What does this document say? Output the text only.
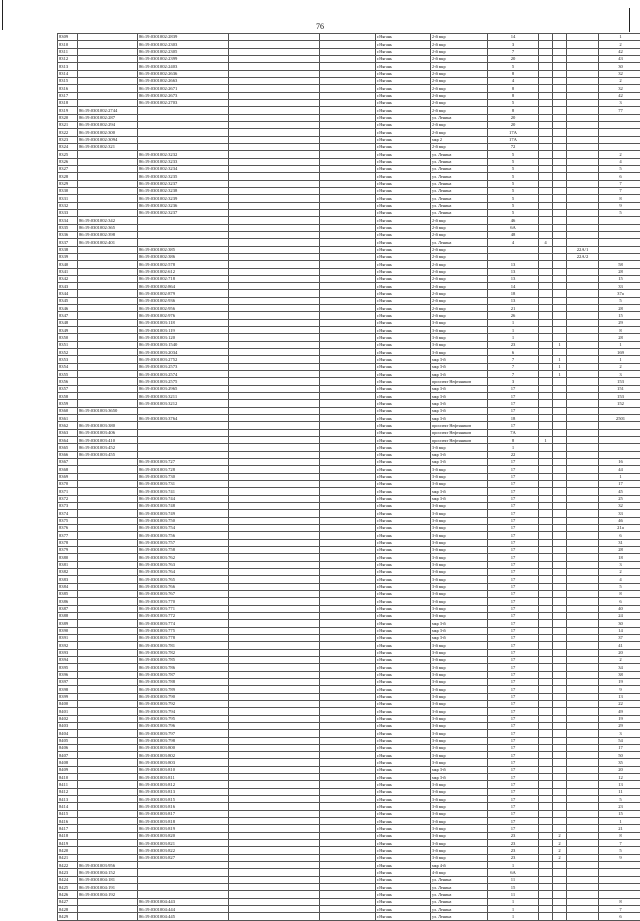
76
8309		86:19:0301002:2839			г.Нягань	2-й мкр	14				1
8310		86:19:0301002:2303			г.Нягань	2-й мкр	3				2
8311		86:19:0301002:2305			г.Нягань	2-й мкр	7				42
8312		86:19:0301002:2399			г.Нягань	2-й мкр	20				43
8313		86:19:0301002:2403			г.Нягань	2-й мкр	5				30
8314		86:19:0301002:2636			г.Нягань	2-й мкр	8				32
8315		86:19:0301002:2663			г.Нягань	2-й мкр	4				2
8316		86:19:0301002:2671			г.Нягань	2-й мкр	8				32
8317		86:19:0301002:2673			г.Нягань	2-й мкр	8				42
8318		86:19:0301002:2703			г.Нягань	2-й мкр	5				3
8319	86:19:0301002:2744				г.Нягань	2-й мкр	8				77
8320	86:19:0301002:287				г.Нягань	ул. Ленина	20				
8321	86:19:0301002:294				г.Нягань	2-й мкр	20				
8322	86:19:0301002:300				г.Нягань	2-й мкр	17А				
8323	86:19:0301002:3094				г.Нягань	мкр 2	17А				
8324	86:19:0301002:321				г.Нягань	2-й мкр	72				
8325		86:19:0301002:3232			г.Нягань	ул. Ленина	5				2
8326		86:19:0301002:3233			г.Нягань	ул. Ленина	5				4
8327		86:19:0301002:3234			г.Нягань	ул. Ленина	5				5
8328		86:19:0301002:3235			г.Нягань	ул. Ленина	5				6
8329		86:19:0301002:3237			г.Нягань	ул. Ленина	5				7
8330		86:19:0301002:3238			г.Нягань	ул. Ленина	5				7
8331		86:19:0301002:3239			г.Нягань	ул. Ленина	5				8
8332		86:19:0301002:3236			г.Нягань	ул. Ленина	5				9
8333		86:19:0301002:3237			г.Нягань	ул. Ленина	5				5
8334	86:19:0301002:342				г.Нягань	2-й мкр	46				
8335	86:19:0301002:365				г.Нягань	2-й мкр	6А				
8336	86:19:0301002:398				г.Нягань	2-й мкр	48				
8337	86:19:0301002:401				г.Нягань	ул. Ленина	4	4			
8338		86:19:0301002:385			г.Нягань	2-й мкр				22А/1	
8339		86:19:0301002:386			г.Нягань	2-й мкр				22А/2	
8340		86:19:0301002:578			г.Нягань	2-й мкр	13				58
8341		86:19:0301002:612			г.Нягань	2-й мкр	13				28
8342		86:19:0301002:718			г.Нягань	2-й мкр	13				15
8343		86:19:0301002:864			г.Нягань	2-й мкр	14				33
8344		86:19:0301002:879			г.Нягань	2-й мкр	18				37а
8345		86:19:0301002:936			г.Нягань	2-й мкр	13				5
8346		86:19:0301002:956			г.Нягань	2-й мкр	21				28
8347		86:19:0301002:976			г.Нягань	2-й мкр	26				15
8348		86:19:0301003:118			г.Нягань	3-й мкр	1				29
8349		86:19:0301003:119			г.Нягань	3-й мкр	1				8
8350		86:19:0301003:120			г.Нягань	3-й мкр	1				28
8351		86:19:0301003:1540			г.Нягань	3-й мкр	23		1		1
8352		86:19:0301003:2034			г.Нягань	3-й мкр	6				169
8353		86:19:0301003:2752			г.Нягань	мкр 3-й	7		1		1
8354		86:19:0301003:2573			г.Нягань	мкр 3-й	7		1		2
8355		86:19:0301003:2574			г.Нягань	мкр 3-й	7		1		3
8356		86:19:0301003:2575			г.Нягань	проспект Нефтяников	3				153
8357		86:19:0301003:2965			г.Нягань	мкр 3-й	17				151
8358		86:19:0301003:3211			г.Нягань	мкр 3-й	17				153
8359		86:19:0301003:3212			г.Нягань	мкр 3-й	17				152
8360	86:19:0301003:3650				г.Нягань	мкр 3-й	17				
8361		86:19:0301003:3764			г.Нягань	мкр 3-й	18				2501
8362	86:19:0301003:380				г.Нягань	проспект Нефтяников	17				
8363	86:19:0301003:406				г.Нягань	проспект Нефтяников	7А				
8364	86:19:0301003:410				г.Нягань	проспект Нефтяников	8	1			
8365	86:19:0301003:452				г.Нягань	3-й мкр	1				
8366	86:19:0301003:455				г.Нягань	мкр 3-й	22				
8367		86:19:0301003:727			г.Нягань	мкр 3-й	17				16
8368		86:19:0301003:728			г.Нягань	3-й мкр	17				44
8369		86:19:0301003:730			г.Нягань	3-й мкр	17				1
8370		86:19:0301003:731			г.Нягань	3-й мкр	17				17
8371		86:19:0301003:741			г.Нягань	мкр 3-й	17				45
8372		86:19:0301003:744			г.Нягань	мкр 3-й	17				25
8373		86:19:0301003:748			г.Нягань	3-й мкр	17				32
8374		86:19:0301003:749			г.Нягань	3-й мкр	17				33
8375		86:19:0301003:750			г.Нягань	3-й мкр	17				46
8376		86:19:0301003:754			г.Нягань	3-й мкр	17				21а
8377		86:19:0301003:756			г.Нягань	3-й мкр	17				6
8378		86:19:0301003:757			г.Нягань	3-й мкр	17				31
8379		86:19:0301003:758			г.Нягань	3-й мкр	17				28
8380		86:19:0301003:762			г.Нягань	3-й мкр	17				18
8381		86:19:0301003:763			г.Нягань	3-й мкр	17				3
8382		86:19:0301003:764			г.Нягань	3-й мкр	17				2
8383		86:19:0301003:765			г.Нягань	3-й мкр	17				4
8384		86:19:0301003:766			г.Нягань	3-й мкр	17				5
8385		86:19:0301003:767			г.Нягань	3-й мкр	17				8
8386		86:19:0301003:770			г.Нягань	3-й мкр	17				6
8387		86:19:0301003:771			г.Нягань	3-й мкр	17				40
8388		86:19:0301003:772			г.Нягань	3-й мкр	17				24
8389		86:19:0301003:774			г.Нягань	мкр 3-й	17				30
8390		86:19:0301003:775			г.Нягань	мкр 3-й	17				14
8391		86:19:0301003:778			г.Нягань	мкр 3-й	17				37
8392		86:19:0301003:781			г.Нягань	3-й мкр	17				41
8393		86:19:0301003:782			г.Нягань	3-й мкр	17				20
8394		86:19:0301003:785			г.Нягань	3-й мкр	17				2
8395		86:19:0301003:786			г.Нягань	3-й мкр	17				34
8396		86:19:0301003:787			г.Нягань	3-й мкр	17				38
8397		86:19:0301003:788			г.Нягань	3-й мкр	17				19
8398		86:19:0301003:789			г.Нягань	3-й мкр	17				9
8399		86:19:0301003:790			г.Нягань	3-й мкр	17				13
8400		86:19:0301003:792			г.Нягань	3-й мкр	17				22
8401		86:19:0301003:794			г.Нягань	3-й мкр	17				49
8402		86:19:0301003:795			г.Нягань	3-й мкр	17				19
8403		86:19:0301003:796			г.Нягань	3-й мкр	17				29
8404		86:19:0301003:797			г.Нягань	3-й мкр	17				3
8405		86:19:0301003:798			г.Нягань	3-й мкр	17				54
8406		86:19:0301003:800			г.Нягань	3-й мкр	17				17
8407		86:19:0301003:802			г.Нягань	3-й мкр	17				50
8408		86:19:0301003:803			г.Нягань	3-й мкр	17				35
8409		86:19:0301003:810			г.Нягань	мкр 3-й	17				20
8410		86:19:0301003:811			г.Нягань	мкр 3-й	17				12
8411		86:19:0301003:812			г.Нягань	3-й мкр	17				13
8412		86:19:0301003:813			г.Нягань	3-й мкр	17				11
8413		86:19:0301003:815			г.Нягань	3-й мкр	17				5
8414		86:19:0301003:816			г.Нягань	3-й мкр	17				23
8415		86:19:0301003:817			г.Нягань	3-й мкр	17				15
8416		86:19:0301003:818			г.Нягань	3-й мкр	17				1
8417		86:19:0301003:819			г.Нягань	3-й мкр	17				21
8418		86:19:0301003:820			г.Нягань	3-й мкр	23		2		8
8419		86:19:0301003:821			г.Нягань	3-й мкр	23		2		7
8420		86:19:0301003:822			г.Нягань	3-й мкр	23		2		5
8421		86:19:0301003:827			г.Нягань	3-й мкр	23		2		9
8422	86:19:0301003:956				г.Нягань	мкр 4-й	1				
8423	86:19:0301004:152				г.Нягань	4-й мкр	6А				
8424	86:19:0301004:181				г.Нягань	ул. Ленина	11				
8425	86:19:0301004:191				г.Нягань	ул. Ленина	15				
8426	86:19:0301004:192				г.Нягань	ул. Ленина	11				
8427		86:19:0301004:443			г.Нягань	ул. Ленина	1				8
8428		86:19:0301004:444			г.Нягань	ул. Ленина	1				7
8429		86:19:0301004:445			г.Нягань	ул. Ленина	1				6
